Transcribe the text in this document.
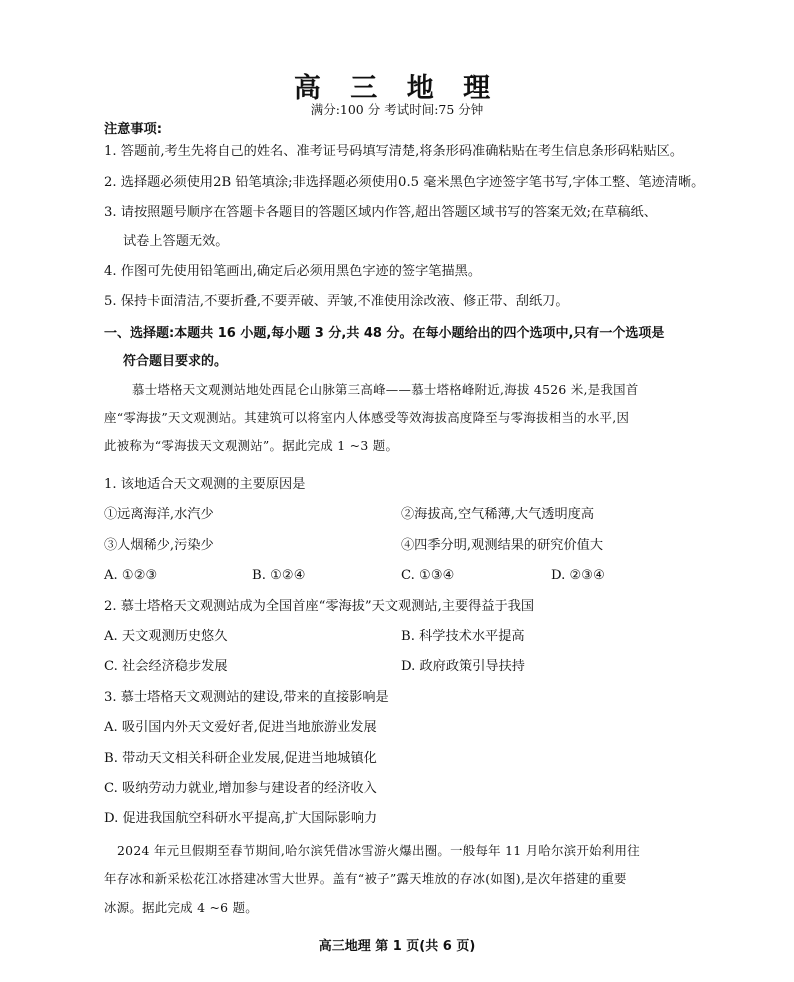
高 三 地 理
满分:100 分 考试时间:75 分钟
注意事项:
1. 答题前,考生先将自己的姓名、准考证号码填写清楚,将条形码准确粘贴在考生信息条形码粘贴区。
2. 选择题必须使用2B 铅笔填涂;非选择题必须使用0.5 毫米黑色字迹签字笔书写,字体工整、笔迹清晰。
3. 请按照题号顺序在答题卡各题目的答题区域内作答,超出答题区域书写的答案无效;在草稿纸、
试卷上答题无效。
4. 作图可先使用铅笔画出,确定后必须用黑色字迹的签字笔描黑。
5. 保持卡面清洁,不要折叠,不要弄破、弄皱,不准使用涂改液、修正带、刮纸刀。
一、选择题:本题共 16 小题,每小题 3 分,共 48 分。在每小题给出的四个选项中,只有一个选项是
符合题目要求的。
慕士塔格天文观测站地处西昆仑山脉第三高峰——慕士塔格峰附近,海拔 4526 米,是我国首
座“零海拔”天文观测站。其建筑可以将室内人体感受等效海拔高度降至与零海拔相当的水平,因
此被称为“零海拔天文观测站”。据此完成 1 ~3 题。
1. 该地适合天文观测的主要原因是
①远离海洋,水汽少	②海拔高,空气稀薄,大气透明度高
③人烟稀少,污染少	④四季分明,观测结果的研究价值大
A. ①②③	B. ①②④	C. ①③④	D. ②③④
2. 慕士塔格天文观测站成为全国首座“零海拔”天文观测站,主要得益于我国
A. 天文观测历史悠久	B. 科学技术水平提高
C. 社会经济稳步发展	D. 政府政策引导扶持
3. 慕士塔格天文观测站的建设,带来的直接影响是
A. 吸引国内外天文爱好者,促进当地旅游业发展
B. 带动天文相关科研企业发展,促进当地城镇化
C. 吸纳劳动力就业,增加参与建设者的经济收入
D. 促进我国航空科研水平提高,扩大国际影响力
2024 年元旦假期至春节期间,哈尔滨凭借冰雪游火爆出圈。一般每年 11 月哈尔滨开始利用往
年存冰和新采松花江冰搭建冰雪大世界。盖有“被子”露天堆放的存冰(如图),是次年搭建的重要
冰源。据此完成 4 ~6 题。
高三地理 第 1 页(共 6 页)
